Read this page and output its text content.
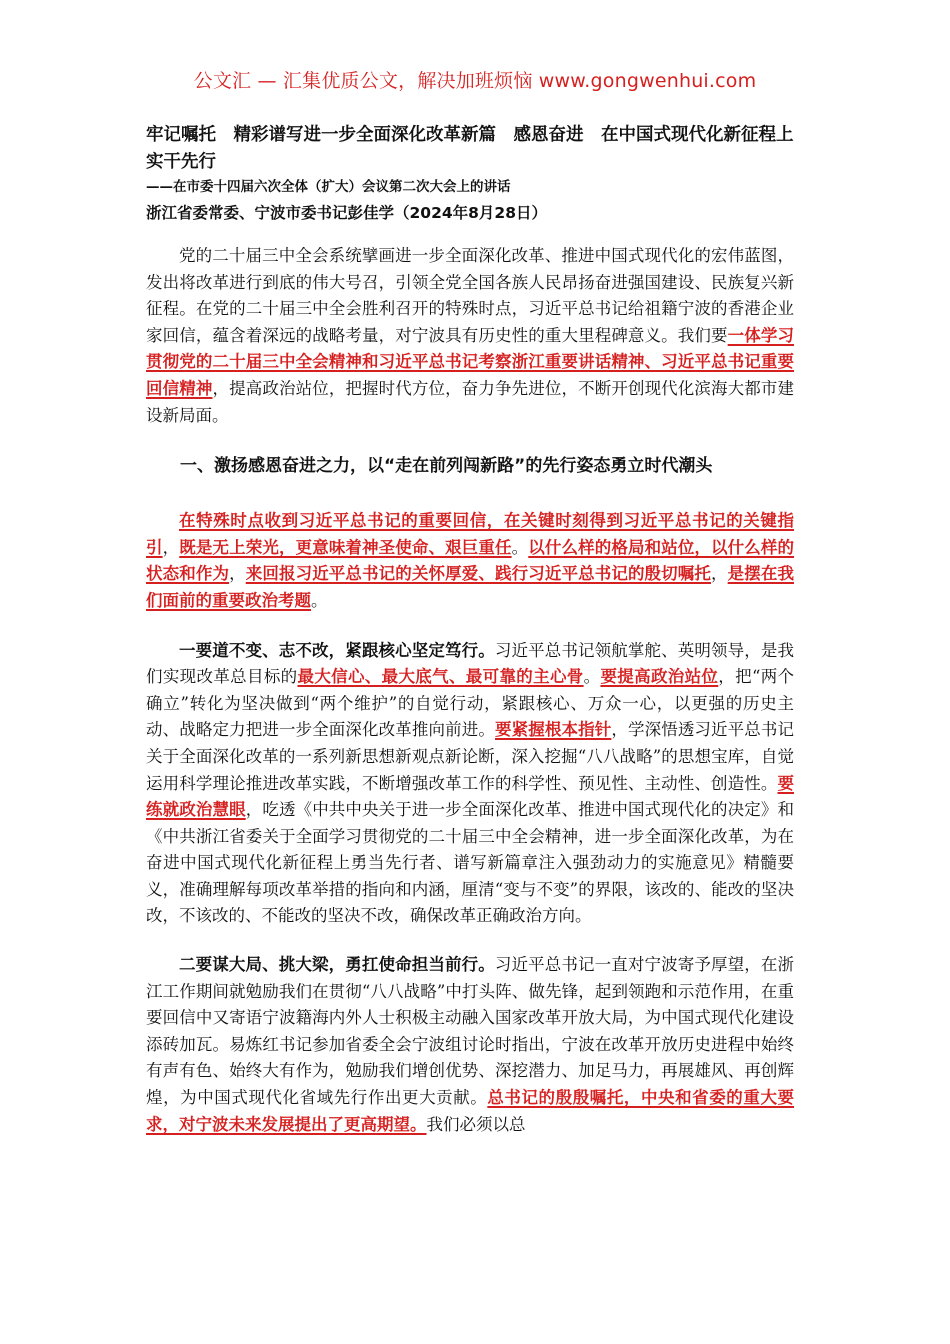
公文汇 — 汇集优质公文，解决加班烦恼 www.gongwenhui.com

牢记嘱托　精彩谱写进一步全面深化改革新篇　感恩奋进　在中国式现代化新征程上实干先行

——在市委十四届六次全体（扩大）会议第二次大会上的讲话

浙江省委常委、宁波市委书记彭佳学（2024年8月28日）

党的二十届三中全会系统擘画进一步全面深化改革、推进中国式现代化的宏伟蓝图，发出将改革进行到底的伟大号召，引领全党全国各族人民昂扬奋进强国建设、民族复兴新征程。在党的二十届三中全会胜利召开的特殊时点，习近平总书记给祖籍宁波的香港企业家回信，蕴含着深远的战略考量，对宁波具有历史性的重大里程碑意义。我们要一体学习贯彻党的二十届三中全会精神和习近平总书记考察浙江重要讲话精神、习近平总书记重要回信精神，提高政治站位，把握时代方位，奋力争先进位，不断开创现代化滨海大都市建设新局面。

一、激扬感恩奋进之力，以“走在前列闯新路”的先行姿态勇立时代潮头

在特殊时点收到习近平总书记的重要回信，在关键时刻得到习近平总书记的关键指引，既是无上荣光，更意味着神圣使命、艰巨重任。以什么样的格局和站位，以什么样的状态和作为，来回报习近平总书记的关怀厚爱、践行习近平总书记的殷切嘱托，是摆在我们面前的重要政治考题。

一要道不变、志不改，紧跟核心坚定笃行。习近平总书记领航掌舵、英明领导，是我们实现改革总目标的最大信心、最大底气、最可靠的主心骨。要提高政治站位，把“两个确立”转化为坚决做到“两个维护”的自觉行动，紧跟核心、万众一心，以更强的历史主动、战略定力把进一步全面深化改革推向前进。要紧握根本指针，学深悟透习近平总书记关于全面深化改革的一系列新思想新观点新论断，深入挖掘“八八战略”的思想宝库，自觉运用科学理论推进改革实践，不断增强改革工作的科学性、预见性、主动性、创造性。要练就政治慧眼，吃透《中共中央关于进一步全面深化改革、推进中国式现代化的决定》和《中共浙江省委关于全面学习贯彻党的二十届三中全会精神，进一步全面深化改革，为在奋进中国式现代化新征程上勇当先行者、谱写新篇章注入强劲动力的实施意见》精髓要义，准确理解每项改革举措的指向和内涵，厘清“变与不变”的界限，该改的、能改的坚决改，不该改的、不能改的坚决不改，确保改革正确政治方向。

二要谋大局、挑大梁，勇扛使命担当前行。习近平总书记一直对宁波寄予厚望，在浙江工作期间就勉励我们在贯彻“八八战略”中打头阵、做先锋，起到领跑和示范作用，在重要回信中又寄语宁波籍海内外人士积极主动融入国家改革开放大局，为中国式现代化建设添砖加瓦。易炼红书记参加省委全会宁波组讨论时指出，宁波在改革开放历史进程中始终有声有色、始终大有作为，勉励我们增创优势、深挖潜力、加足马力，再展雄风、再创辉煌，为中国式现代化省域先行作出更大贡献。总书记的殷殷嘱托，中央和省委的重大要求，对宁波未来发展提出了更高期望。我们必须以总
